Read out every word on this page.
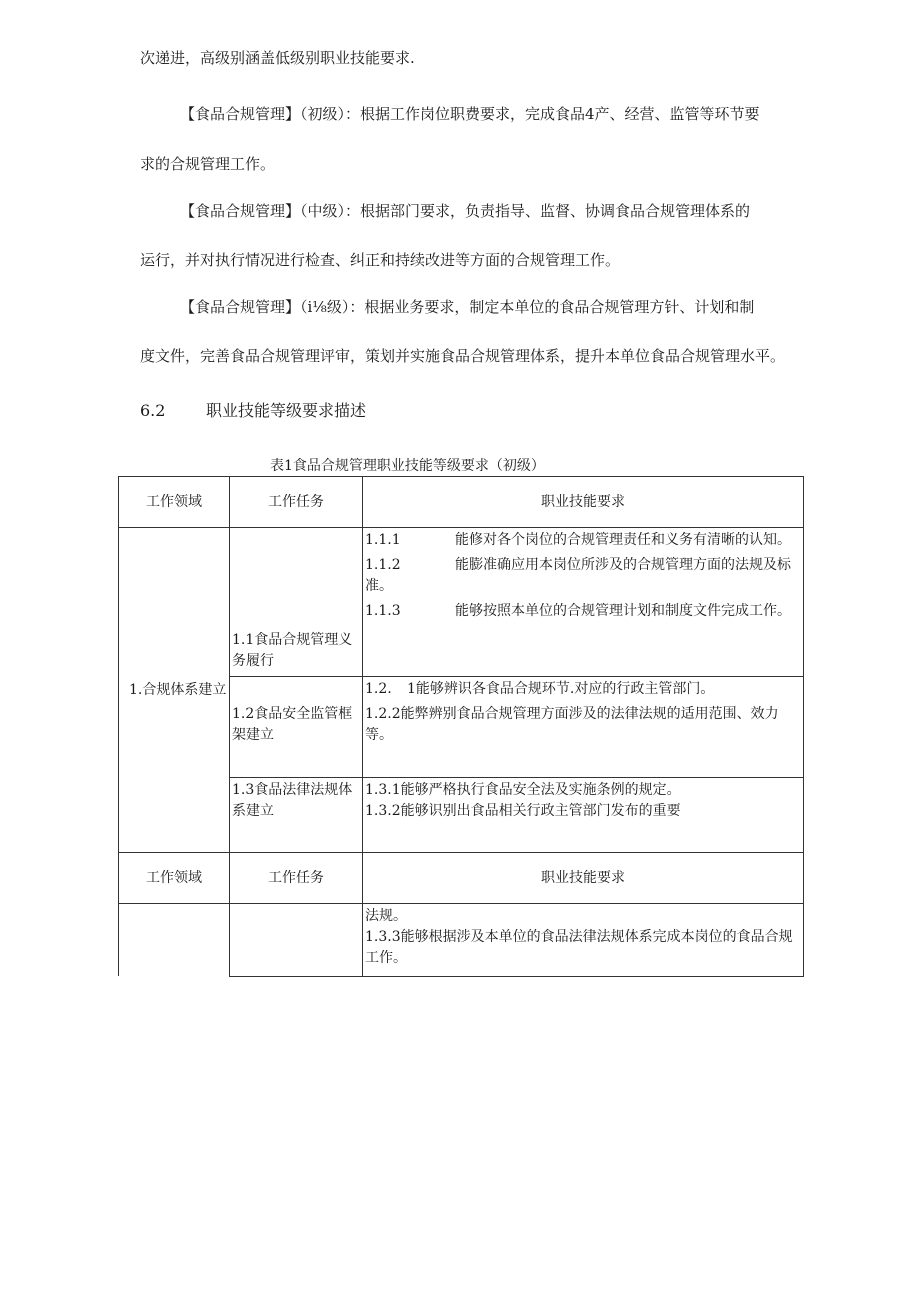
次递进，高级别涵盖低级别职业技能要求.
【食品合规管理】（初级）：根据工作岗位职费要求，完成食品4产、经营、监管等环节要
求的合规管理工作。
【食品合规管理】（中级）：根据部门要求，负责指导、监督、协调食品合规管理体系的
运行，并对执行情况进行检查、纠正和持续改进等方面的合规管理工作。
【食品合规管理】（i⅛级）：根据业务要求，制定本单位的食品合规管理方针、计划和制
度文件，完善食品合规管理评审，策划并实施食品合规管理体系，提升本单位食品合规管理水平。
6.2	职业技能等级要求描述
表1食品合规管理职业技能等级要求（初级）
工作领域	工作任务	职业技能要求
1.合规体系建立	1.1食品合规管理义务履行	1.1.1 能修对各个岗位的合规管理责任和义务有清晰的认知。

1.1.2 能膨准确应用本岗位所涉及的合规管理方面的法规及标准。

1.1.3 能够按照本单位的合规管理计划和制度文件完成工作。

	1.2食品安全监管框架建立	1.2. 1能够辨识各食品合规环节.对应的行政主管部门。

1.2.2能弊辨别食品合规管理方面涉及的法律法规的适用范围、效力等。

	1.3食品法律法规体系建立	1.3.1能够严格执行食品安全法及实施条例的规定。

1.3.2能够识别出食品相关行政主管部门发布的重要

工作领域	工作任务	职业技能要求

		法规。

1.3.3能够根据涉及本单位的食品法律法规体系完成本岗位的食品合规工作。
